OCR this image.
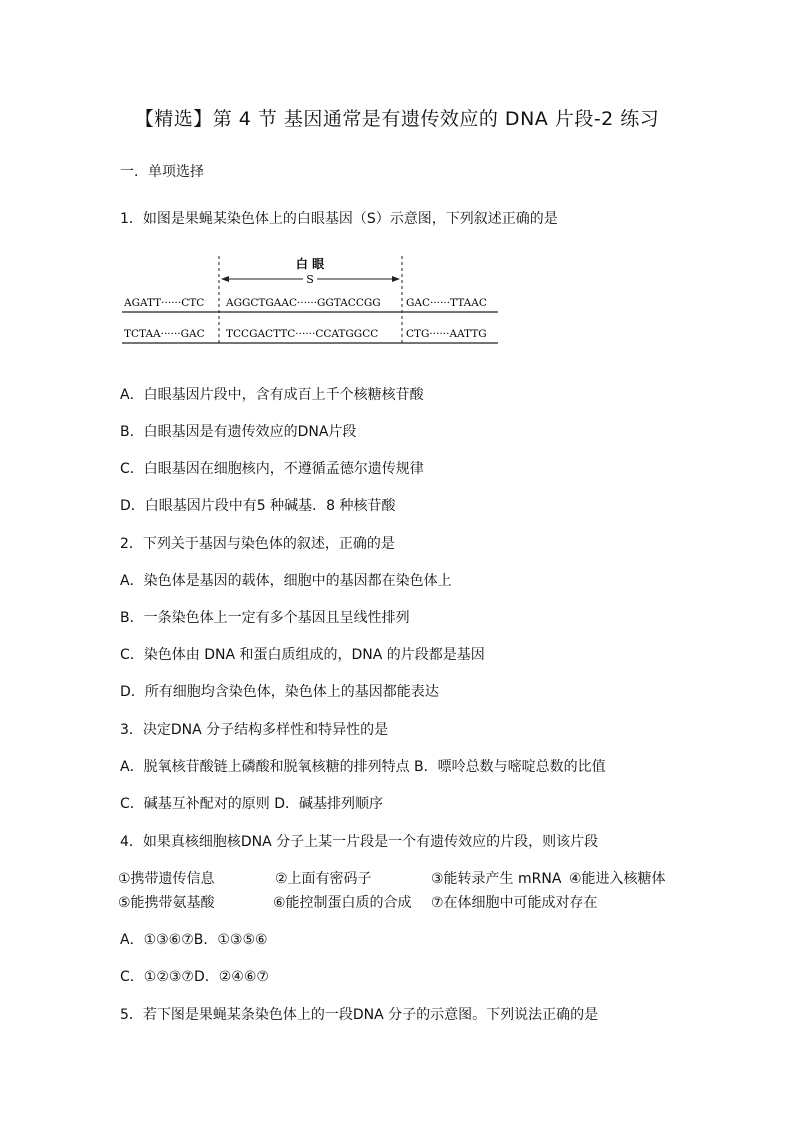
【精选】第 4 节 基因通常是有遗传效应的 DNA 片段-2 练习
一．单项选择
1．如图是果蝇某染色体上的白眼基因（S）示意图，下列叙述正确的是
白 眼
S
AGATT······CTC AGGCTGAAC······GGTACCGG GAC······TTAAC
TCTAA······GAC TCCGACTTC······CCATGGCC	CTG······AATTG
A．白眼基因片段中，含有成百上千个核糖核苷酸
B．白眼基因是有遗传效应的DNA片段
C．白眼基因在细胞核内，不遵循孟德尔遗传规律
D．白眼基因片段中有5 种碱基．8 种核苷酸
2．下列关于基因与染色体的叙述，正确的是
A．染色体是基因的载体，细胞中的基因都在染色体上
B．一条染色体上一定有多个基因且呈线性排列
C．染色体由 DNA 和蛋白质组成的，DNA 的片段都是基因
D．所有细胞均含染色体，染色体上的基因都能表达
3．决定DNA 分子结构多样性和特异性的是
A．脱氧核苷酸链上磷酸和脱氧核糖的排列特点 B．嘌呤总数与嘧啶总数的比值
C．碱基互补配对的原则 D．碱基排列顺序
4．如果真核细胞核DNA 分子上某一片段是一个有遗传效应的片段，则该片段
①携带遗传信息	②上面有密码子	③能转录产生 mRNA ④能进入核糖体
⑤能携带氨基酸	⑥能控制蛋白质的合成 ⑦在体细胞中可能成对存在
A．①③⑥⑦B．①③⑤⑥
C．①②③⑦D．②④⑥⑦
5．若下图是果蝇某条染色体上的一段DNA 分子的示意图。下列说法正确的是
